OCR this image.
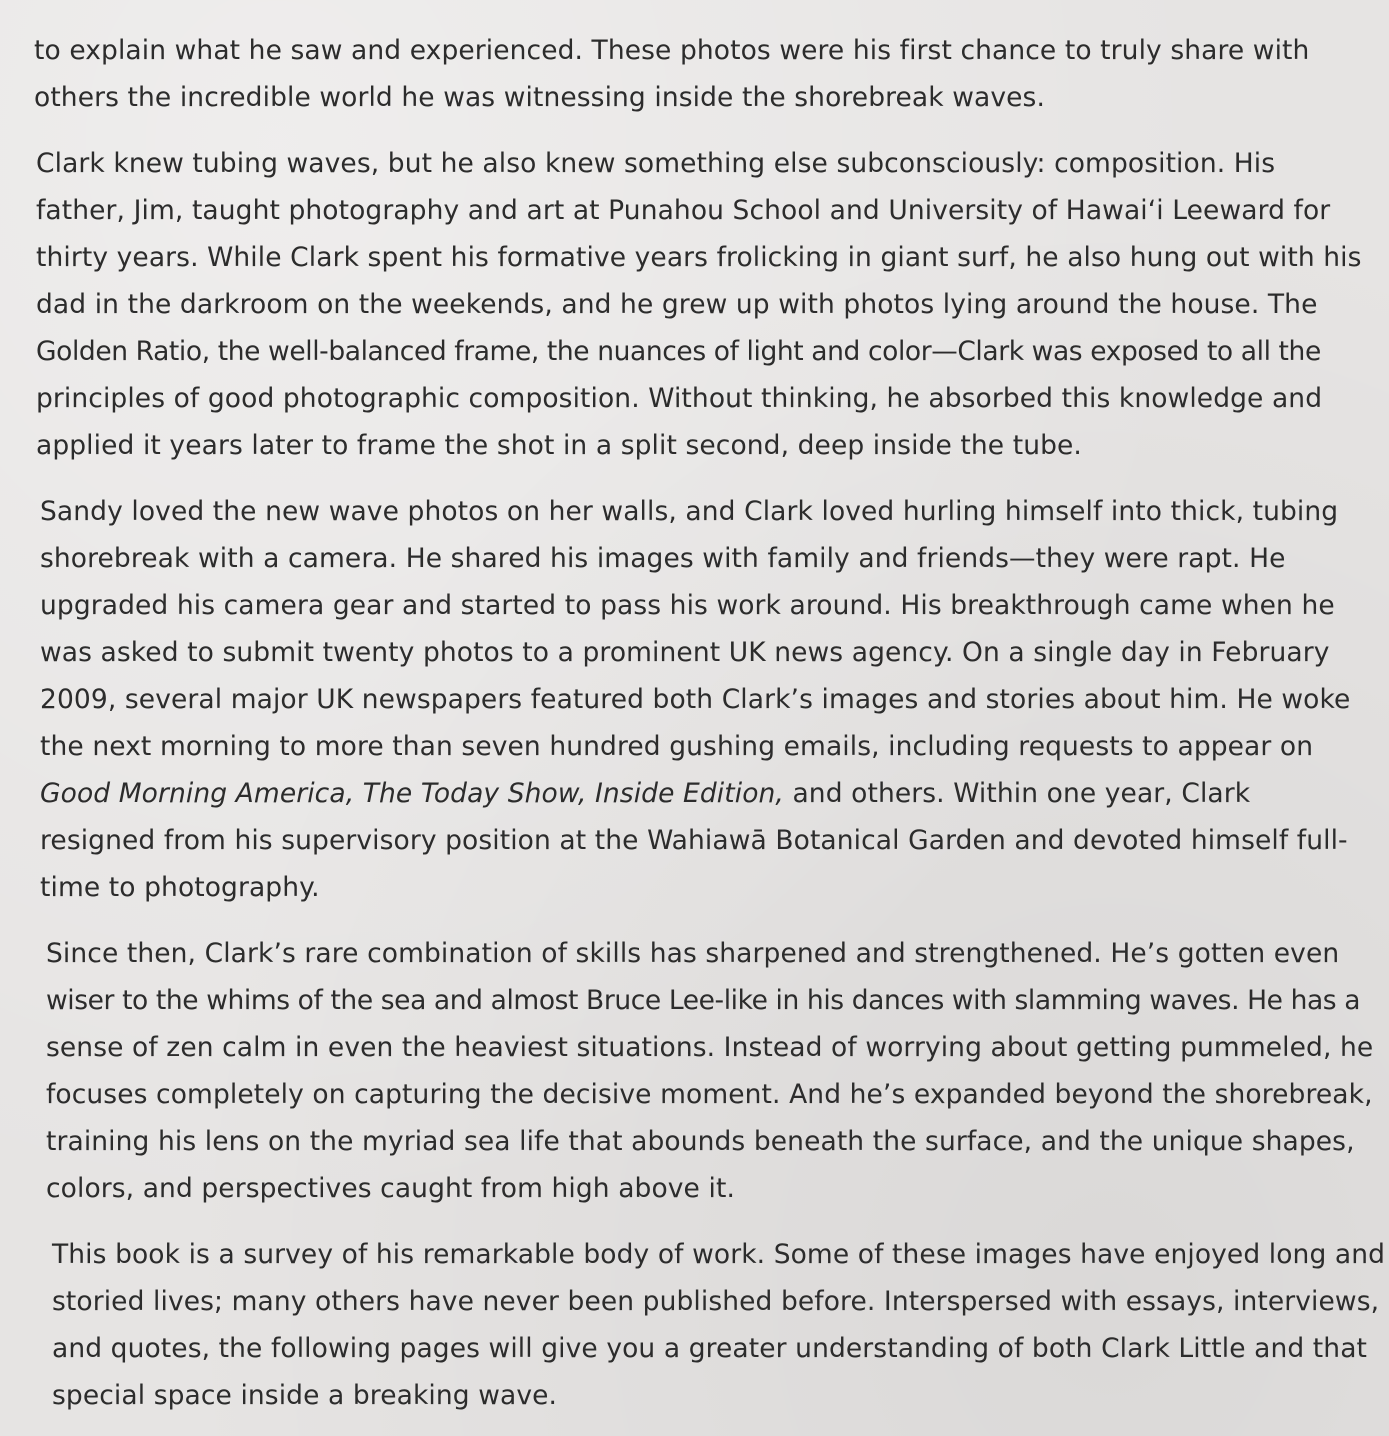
to explain what he saw and experienced. These photos were his first chance to truly share with
others the incredible world he was witnessing inside the shorebreak waves.

Clark knew tubing waves, but he also knew something else subconsciously: composition. His
father, Jim, taught photography and art at Punahou School and University of Hawaiʻi Leeward for
thirty years. While Clark spent his formative years frolicking in giant surf, he also hung out with his
dad in the darkroom on the weekends, and he grew up with photos lying around the house. The
Golden Ratio, the well-balanced frame, the nuances of light and color—Clark was exposed to all the
principles of good photographic composition. Without thinking, he absorbed this knowledge and
applied it years later to frame the shot in a split second, deep inside the tube.

Sandy loved the new wave photos on her walls, and Clark loved hurling himself into thick, tubing
shorebreak with a camera. He shared his images with family and friends—they were rapt. He
upgraded his camera gear and started to pass his work around. His breakthrough came when he
was asked to submit twenty photos to a prominent UK news agency. On a single day in February
2009, several major UK newspapers featured both Clark’s images and stories about him. He woke
the next morning to more than seven hundred gushing emails, including requests to appear on
Good Morning America, The Today Show, Inside Edition, and others. Within one year, Clark
resigned from his supervisory position at the Wahiawā Botanical Garden and devoted himself full-
time to photography.

Since then, Clark’s rare combination of skills has sharpened and strengthened. He’s gotten even
wiser to the whims of the sea and almost Bruce Lee-like in his dances with slamming waves. He has a
sense of zen calm in even the heaviest situations. Instead of worrying about getting pummeled, he
focuses completely on capturing the decisive moment. And he’s expanded beyond the shorebreak,
training his lens on the myriad sea life that abounds beneath the surface, and the unique shapes,
colors, and perspectives caught from high above it.

This book is a survey of his remarkable body of work. Some of these images have enjoyed long and
storied lives; many others have never been published before. Interspersed with essays, interviews,
and quotes, the following pages will give you a greater understanding of both Clark Little and that
special space inside a breaking wave.
